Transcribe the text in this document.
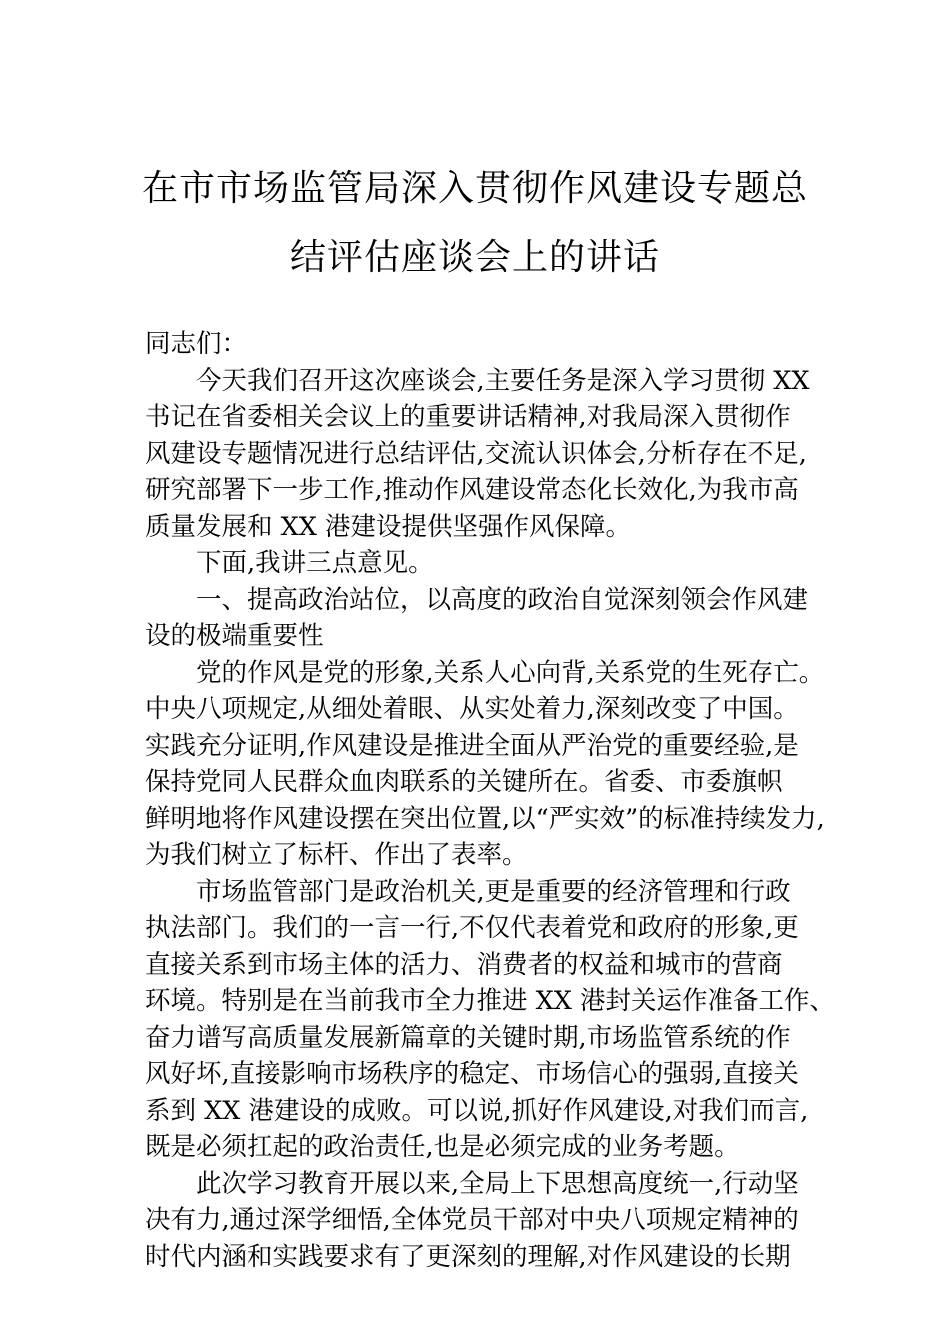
在市市场监管局深入贯彻作风建设专题总
结评估座谈会上的讲话
同志们：
今天我们召开这次座谈会,主要任务是深入学习贯彻 XX
书记在省委相关会议上的重要讲话精神,对我局深入贯彻作
风建设专题情况进行总结评估,交流认识体会,分析存在不足,
研究部署下一步工作,推动作风建设常态化长效化,为我市高
质量发展和 XX 港建设提供坚强作风保障。
下面,我讲三点意见。
一、提高政治站位，以高度的政治自觉深刻领会作风建
设的极端重要性
党的作风是党的形象,关系人心向背,关系党的生死存亡。
中央八项规定,从细处着眼、从实处着力,深刻改变了中国。
实践充分证明,作风建设是推进全面从严治党的重要经验,是
保持党同人民群众血肉联系的关键所在。省委、市委旗帜
鲜明地将作风建设摆在突出位置,以“严实效”的标准持续发力,
为我们树立了标杆、作出了表率。
市场监管部门是政治机关,更是重要的经济管理和行政
执法部门。我们的一言一行,不仅代表着党和政府的形象,更
直接关系到市场主体的活力、消费者的权益和城市的营商
环境。特别是在当前我市全力推进 XX 港封关运作准备工作、
奋力谱写高质量发展新篇章的关键时期,市场监管系统的作
风好坏,直接影响市场秩序的稳定、市场信心的强弱,直接关
系到 XX 港建设的成败。可以说,抓好作风建设,对我们而言,
既是必须扛起的政治责任,也是必须完成的业务考题。
此次学习教育开展以来,全局上下思想高度统一,行动坚
决有力,通过深学细悟,全体党员干部对中央八项规定精神的
时代内涵和实践要求有了更深刻的理解,对作风建设的长期
